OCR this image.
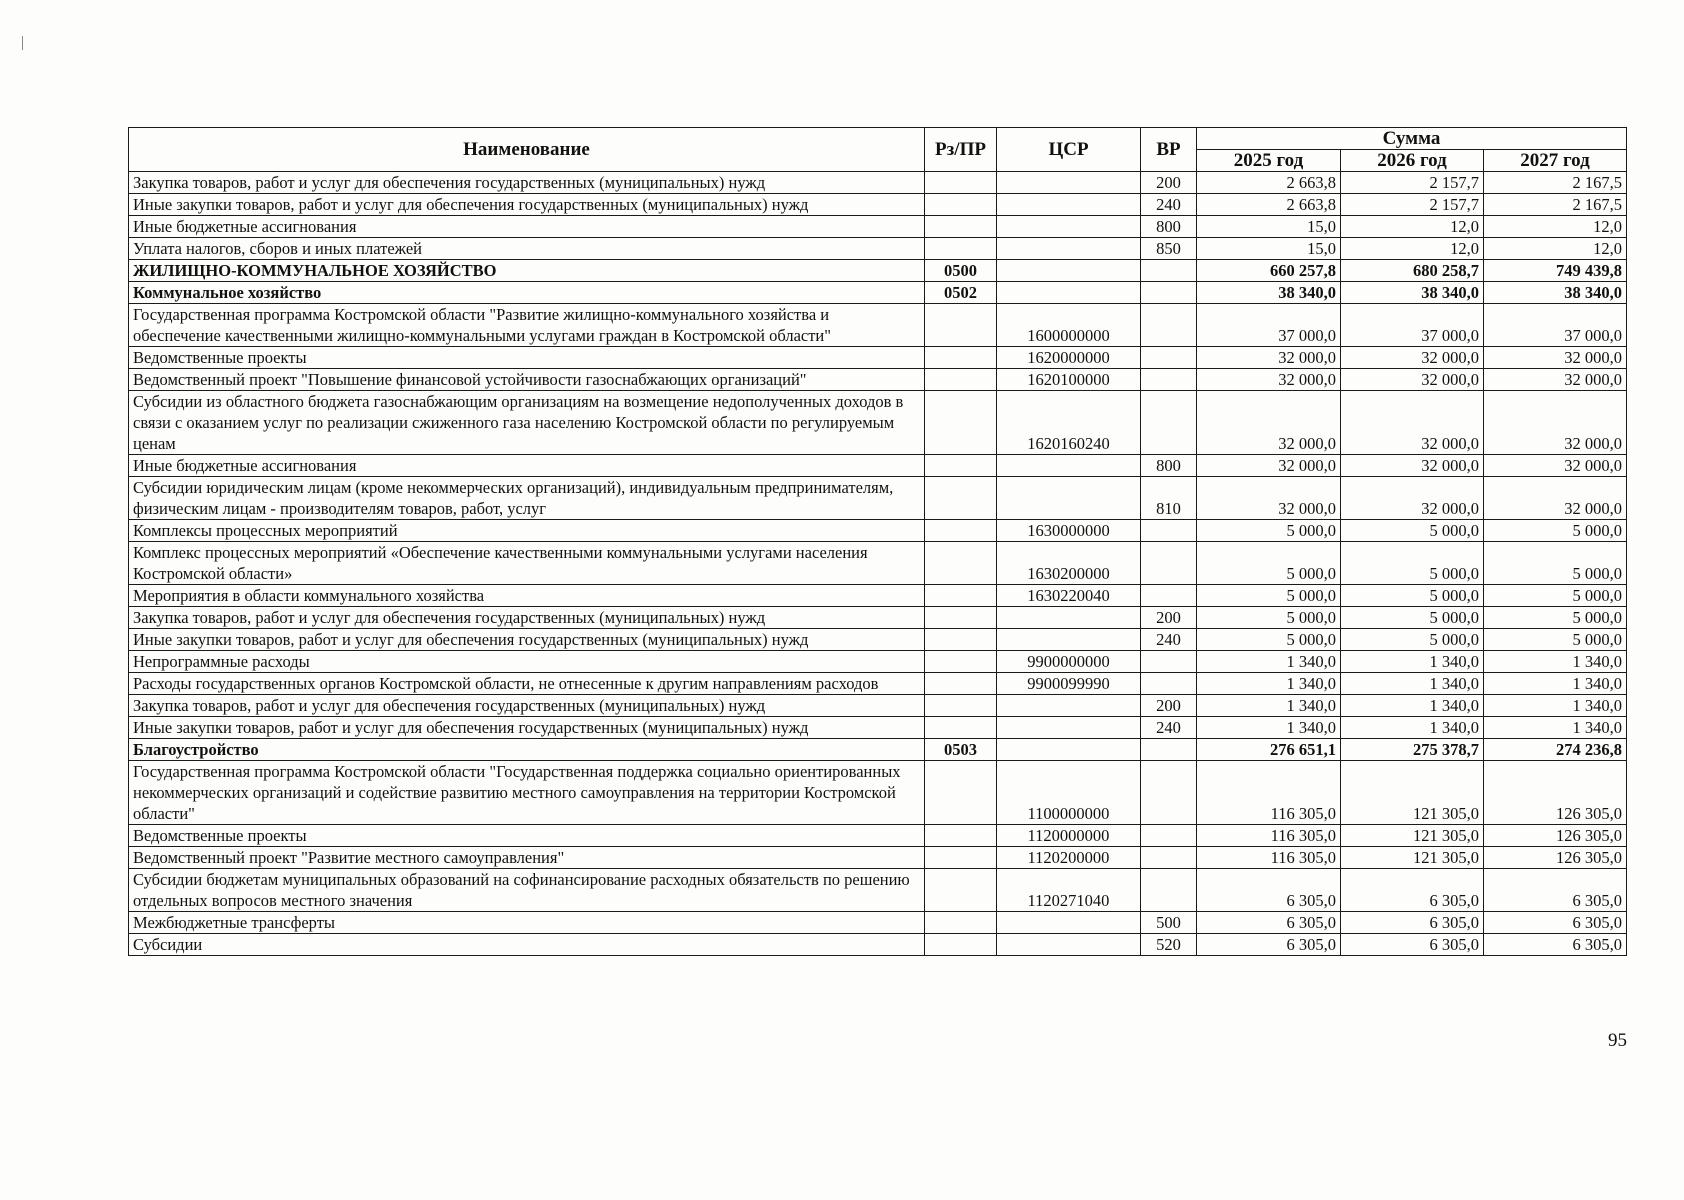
Наименование	Рз/ПР	ЦСР	ВР	Сумма		
				2025 год	2026 год	2027 год
Закупка товаров, работ и услуг для обеспечения государственных (муниципальных) нужд			200	2 663,8	2 157,7	2 167,5
Иные закупки товаров, работ и услуг для обеспечения государственных (муниципальных) нужд			240	2 663,8	2 157,7	2 167,5
Иные бюджетные ассигнования			800	15,0	12,0	12,0
Уплата налогов, сборов и иных платежей			850	15,0	12,0	12,0
ЖИЛИЩНО-КОММУНАЛЬНОЕ ХОЗЯЙСТВО	0500			660 257,8	680 258,7	749 439,8
Коммунальное хозяйство	0502			38 340,0	38 340,0	38 340,0
Государственная программа Костромской области "Развитие жилищно-коммунального хозяйства и обеспечение качественными жилищно-коммунальными услугами граждан в Костромской области"		1600000000		37 000,0	37 000,0	37 000,0
Ведомственные проекты		1620000000		32 000,0	32 000,0	32 000,0
Ведомственный проект "Повышение финансовой устойчивости газоснабжающих организаций"		1620100000		32 000,0	32 000,0	32 000,0
Субсидии из областного бюджета газоснабжающим организациям на возмещение недополученных доходов в связи с оказанием услуг по реализации сжиженного газа населению Костромской области по регулируемым ценам		1620160240		32 000,0	32 000,0	32 000,0
Иные бюджетные ассигнования			800	32 000,0	32 000,0	32 000,0
Субсидии юридическим лицам (кроме некоммерческих организаций), индивидуальным предпринимателям, физическим лицам - производителям товаров, работ, услуг			810	32 000,0	32 000,0	32 000,0
Комплексы процессных мероприятий		1630000000		5 000,0	5 000,0	5 000,0
Комплекс процессных мероприятий «Обеспечение качественными коммунальными услугами населения Костромской области»		1630200000		5 000,0	5 000,0	5 000,0
Мероприятия в области коммунального хозяйства		1630220040		5 000,0	5 000,0	5 000,0
Закупка товаров, работ и услуг для обеспечения государственных (муниципальных) нужд			200	5 000,0	5 000,0	5 000,0
Иные закупки товаров, работ и услуг для обеспечения государственных (муниципальных) нужд			240	5 000,0	5 000,0	5 000,0
Непрограммные расходы		9900000000		1 340,0	1 340,0	1 340,0
Расходы государственных органов Костромской области, не отнесенные к другим направлениям расходов		9900099990		1 340,0	1 340,0	1 340,0
Закупка товаров, работ и услуг для обеспечения государственных (муниципальных) нужд			200	1 340,0	1 340,0	1 340,0
Иные закупки товаров, работ и услуг для обеспечения государственных (муниципальных) нужд			240	1 340,0	1 340,0	1 340,0
Благоустройство	0503			276 651,1	275 378,7	274 236,8
Государственная программа Костромской области "Государственная поддержка социально ориентированных некоммерческих организаций и содействие развитию местного самоуправления на территории Костромской области"		1100000000		116 305,0	121 305,0	126 305,0
Ведомственные проекты		1120000000		116 305,0	121 305,0	126 305,0
Ведомственный проект "Развитие местного самоуправления"		1120200000		116 305,0	121 305,0	126 305,0
Субсидии бюджетам муниципальных образований на софинансирование расходных обязательств по решению отдельных вопросов местного значения		1120271040		6 305,0	6 305,0	6 305,0
Межбюджетные трансферты			500	6 305,0	6 305,0	6 305,0
Субсидии			520	6 305,0	6 305,0	6 305,0
95
